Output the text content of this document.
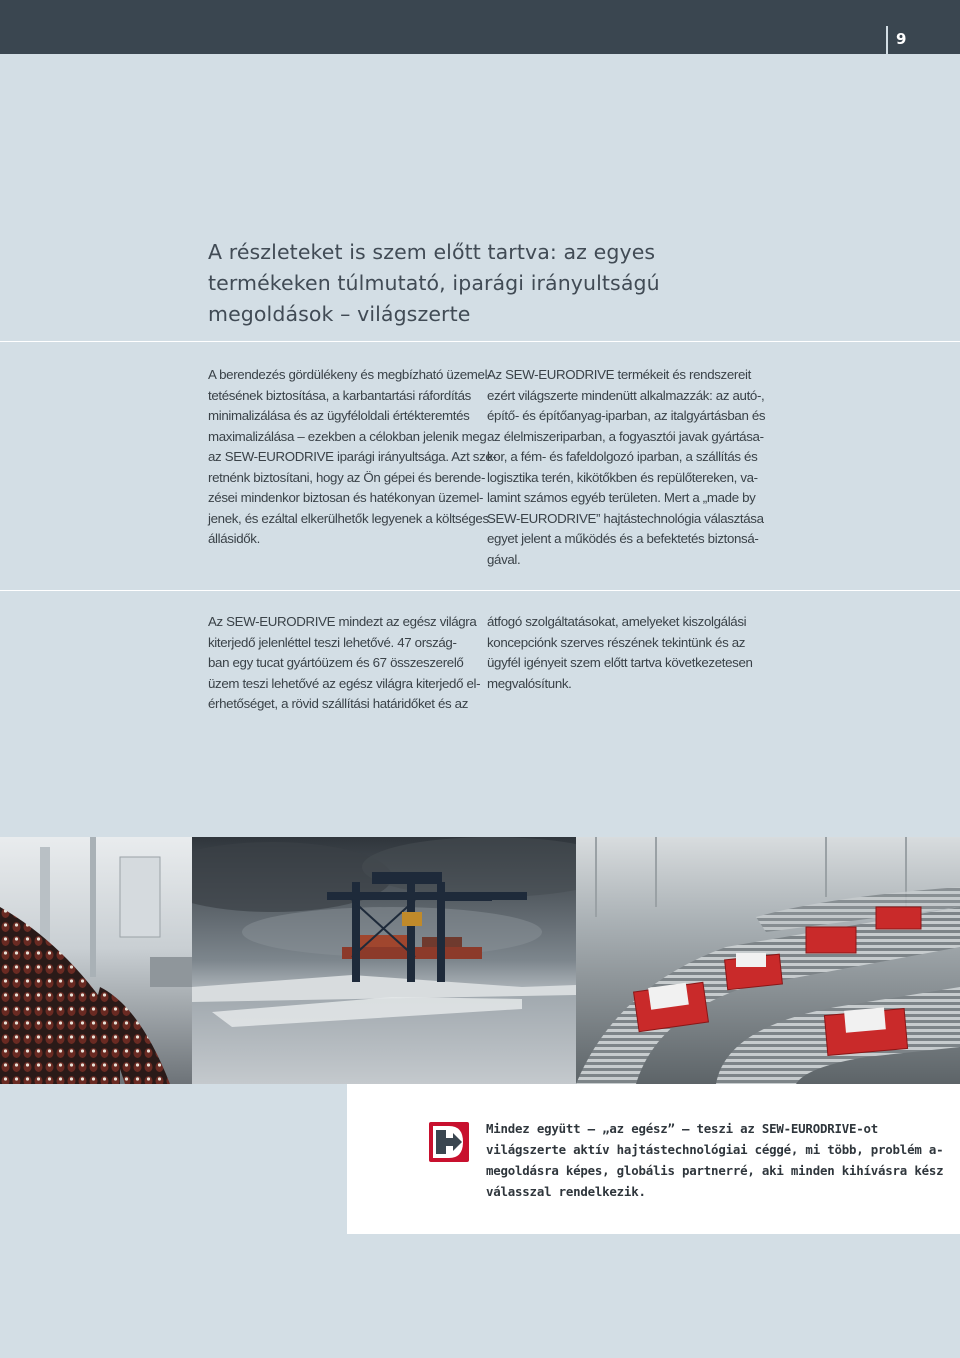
9
A részleteket is szem előtt tartva: az egyes
termékeken túlmutató, iparági irányultságú
megoldások – világszerte
A berendezés gördülékeny és megbízható üzemel-
tetésének biztosítása, a karbantartási ráfordítás
minimalizálása és az ügyféloldali értékteremtés
maximalizálása – ezekben a célokban jelenik meg
az SEW-EURODRIVE iparági irányultsága. Azt sze-
retnénk biztosítani, hogy az Ön gépei és berende-
zései mindenkor biztosan és hatékonyan üzemel-
jenek, és ezáltal elkerülhetők legyenek a költséges
állásidők.
Az SEW-EURODRIVE termékeit és rendszereit
ezért világszerte mindenütt alkalmazzák: az autó-,
építő- és építőanyag-iparban, az italgyártásban és
az élelmiszeriparban, a fogyasztói javak gyártása-
kor, a fém- és fafeldolgozó iparban, a szállítás és
logisztika terén, kikötőkben és repülőtereken, va-
lamint számos egyéb területen. Mert a „made by
SEW-EURODRIVE” hajtástechnológia választása
egyet jelent a működés és a befektetés biztonsá-
gával.
Az SEW-EURODRIVE mindezt az egész világra
kiterjedő jelenléttel teszi lehetővé. 47 ország-
ban egy tucat gyártóüzem és 67 összeszerelő
üzem teszi lehetővé az egész világra kiterjedő el-
érhetőséget, a rövid szállítási határidőket és az
átfogó szolgáltatásokat, amelyeket kiszolgálási
koncepciónk szerves részének tekintünk és az
ügyfél igényeit szem előtt tartva következetesen
megvalósítunk.
Mindez együtt – „az egész” – teszi az SEW-EURODRIVE-ot
világszerte aktív hajtástechnológiai céggé, mi több, problém a-
megoldásra képes, globális partnerré, aki minden kihívásra kész
válasszal rendelkezik.
